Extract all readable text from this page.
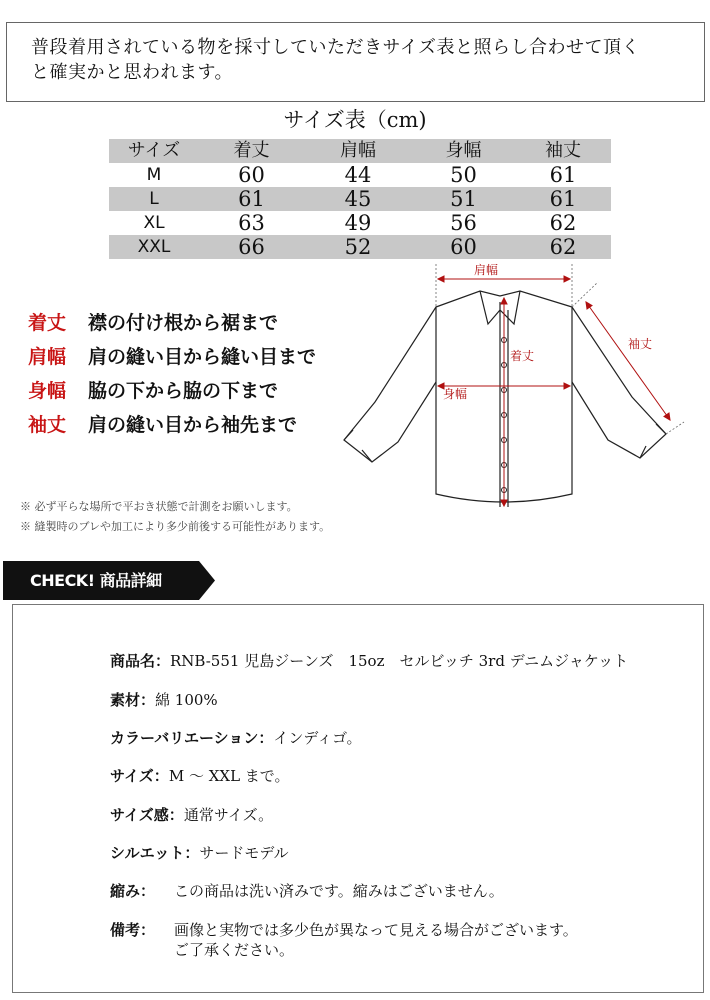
普段着用されている物を採寸していただきサイズ表と照らし合わせて頂く
と確実かと思われます。
サイズ表（cm)
サイズ	着丈	肩幅	身幅	袖丈
M	60	44	50	61
L	61	45	51	61
XL	63	49	56	62
XXL	66	52	60	62
着丈 襟の付け根から裾まで
肩幅 肩の縫い目から縫い目まで
身幅 脇の下から脇の下まで
袖丈 肩の縫い目から袖先まで
肩幅
着丈
身幅
袖丈
※ 必ず平らな場所で平おき状態で計測をお願いします。
※ 縫製時のブレや加工により多少前後する可能性があります。
CHECK! 商品詳細
商品名：RNB-551 児島ジーンズ　15oz　セルビッチ 3rd デニムジャケット
素材：綿 100%
カラーバリエーション：インディゴ。
サイズ：M ～ XXL まで。
サイズ感：通常サイズ。
シルエット：サードモデル
縮み： この商品は洗い済みです。縮みはございません。
備考： 画像と実物では多少色が異なって見える場合がございます。
ご了承ください。
